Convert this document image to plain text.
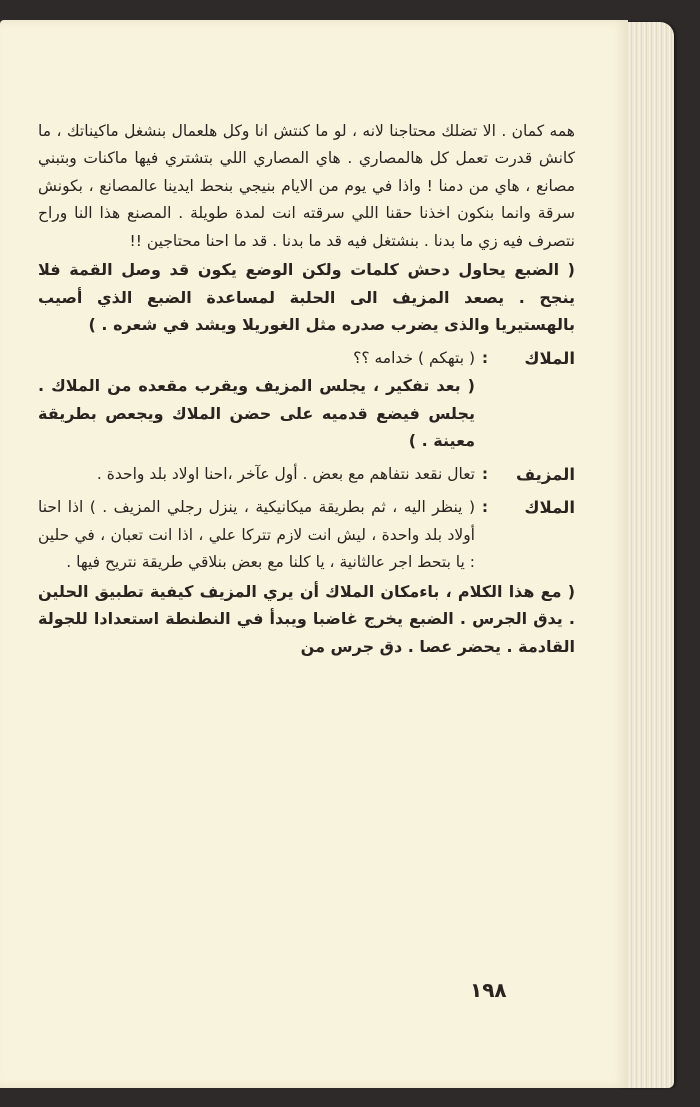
همه كمان . الا تضلك محتاجنا لانه ، لو ما كنتش انا وكل هلعمال بنشغل ماكيناتك ، ما كانش قدرت تعمل كل هالمصاري . هاي المصاري اللي بتشتري فيها ماكنات وبتبني مصانع ، هاي من دمنا ! واذا في يوم من الايام بنيجي بنحط ايدينا عالمصانع ، بكونش سرقة وانما بنكون اخذنا حقنا اللي سرقته انت لمدة طويلة . المصنع هذا النا وراح نتصرف فيه زي ما بدنا . بنشتغل فيه قد ما بدنا . قد ما احنا محتاجين !!

( الضبع يحاول دحش كلمات ولكن الوضع يكون قد وصل القمة فلا ينجح . يصعد المزيف الى الحلبة لمساعدة الضبع الذي أصيب بالهستيريا والذى يضرب صدره مثل الغوريلا ويشد في شعره . )

الملاك
:

( بتهكم ) خدامه ؟؟

( بعد تفكير ، يجلس المزيف ويقرب مقعده من الملاك . يجلس فيضع قدميه على حضن الملاك ويجعص بطريقة معينة . )

المزيف
:

تعال نقعد نتفاهم مع بعض . أول عآخر ،احنا اولاد بلد واحدة .

الملاك
:

( ينظر اليه ، ثم بطريقة ميكانيكية ، ينزل رجلي المزيف . ) اذا احنا أولاد بلد واحدة ، ليش انت لازم تتركا علي ، اذا انت تعبان ، في حلين : يا بتحط اجر عالثانية ، يا كلنا مع بعض بنلاقي طريقة نتريح فيها .

( مع هذا الكلام ، باءمكان الملاك أن يري المزيف كيفية تطبيق الحلين . يدق الجرس . الضبع يخرج غاضبا ويبدأ في النطنطة استعدادا للجولة القادمة . يحضر عصا . دق جرس من

١٩٨
